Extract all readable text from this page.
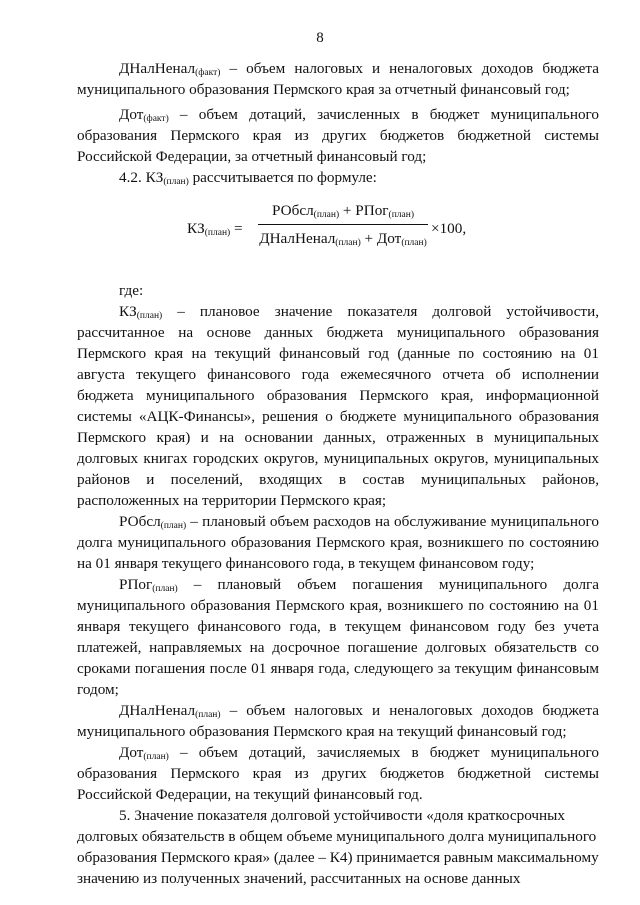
8

ДНалНенал$_{(факт)}$ – объем налоговых и неналоговых доходов бюджета муниципального образования Пермского края за отчетный финансовый год;

Дот$_{(факт)}$ – объем дотаций, зачисленных в бюджет муниципального образования Пермского края из других бюджетов бюджетной системы Российской Федерации, за отчетный финансовый год;

4.2. $КЗ_{(план)}$ рассчитывается по формуле:

$КЗ_{(план)}$ =
РОбсл$_{(план)}$ + РПог$_{(план)}$
ДНалНенал$_{(план)}$ + Дот$_{(план)}$
×100,

где:

$КЗ_{(план)}$ – плановое значение показателя долговой устойчивости, рассчитанное на основе данных бюджета муниципального образования Пермского края на текущий финансовый год (данные по состоянию на 01 августа текущего финансового года ежемесячного отчета об исполнении бюджета муниципального образования Пермского края, информационной системы «АЦК-Финансы», решения о бюджете муниципального образования Пермского края) и на основании данных, отраженных в муниципальных долговых книгах городских округов, муниципальных округов, муниципальных районов и поселений, входящих в состав муниципальных районов, расположенных на территории Пермского края;

РОбсл$_{(план)}$ – плановый объем расходов на обслуживание муниципального долга муниципального образования Пермского края, возникшего по состоянию на 01 января текущего финансового года, в текущем финансовом году;

РПог$_{(план)}$ – плановый объем погашения муниципального долга муниципального образования Пермского края, возникшего по состоянию на 01 января текущего финансового года, в текущем финансовом году без учета платежей, направляемых на досрочное погашение долговых обязательств со сроками погашения после 01 января года, следующего за текущим финансовым годом;

ДНалНенал$_{(план)}$ – объем налоговых и неналоговых доходов бюджета муниципального образования Пермского края на текущий финансовый год;

Дот$_{(план)}$ – объем дотаций, зачисляемых в бюджет муниципального образования Пермского края из других бюджетов бюджетной системы Российской Федерации, на текущий финансовый год.

5. Значение показателя долговой устойчивости «доля краткосрочных долговых обязательств в общем объеме муниципального долга муниципального образования Пермского края» (далее – К4) принимается равным максимальному значению из полученных значений, рассчитанных на основе данных
